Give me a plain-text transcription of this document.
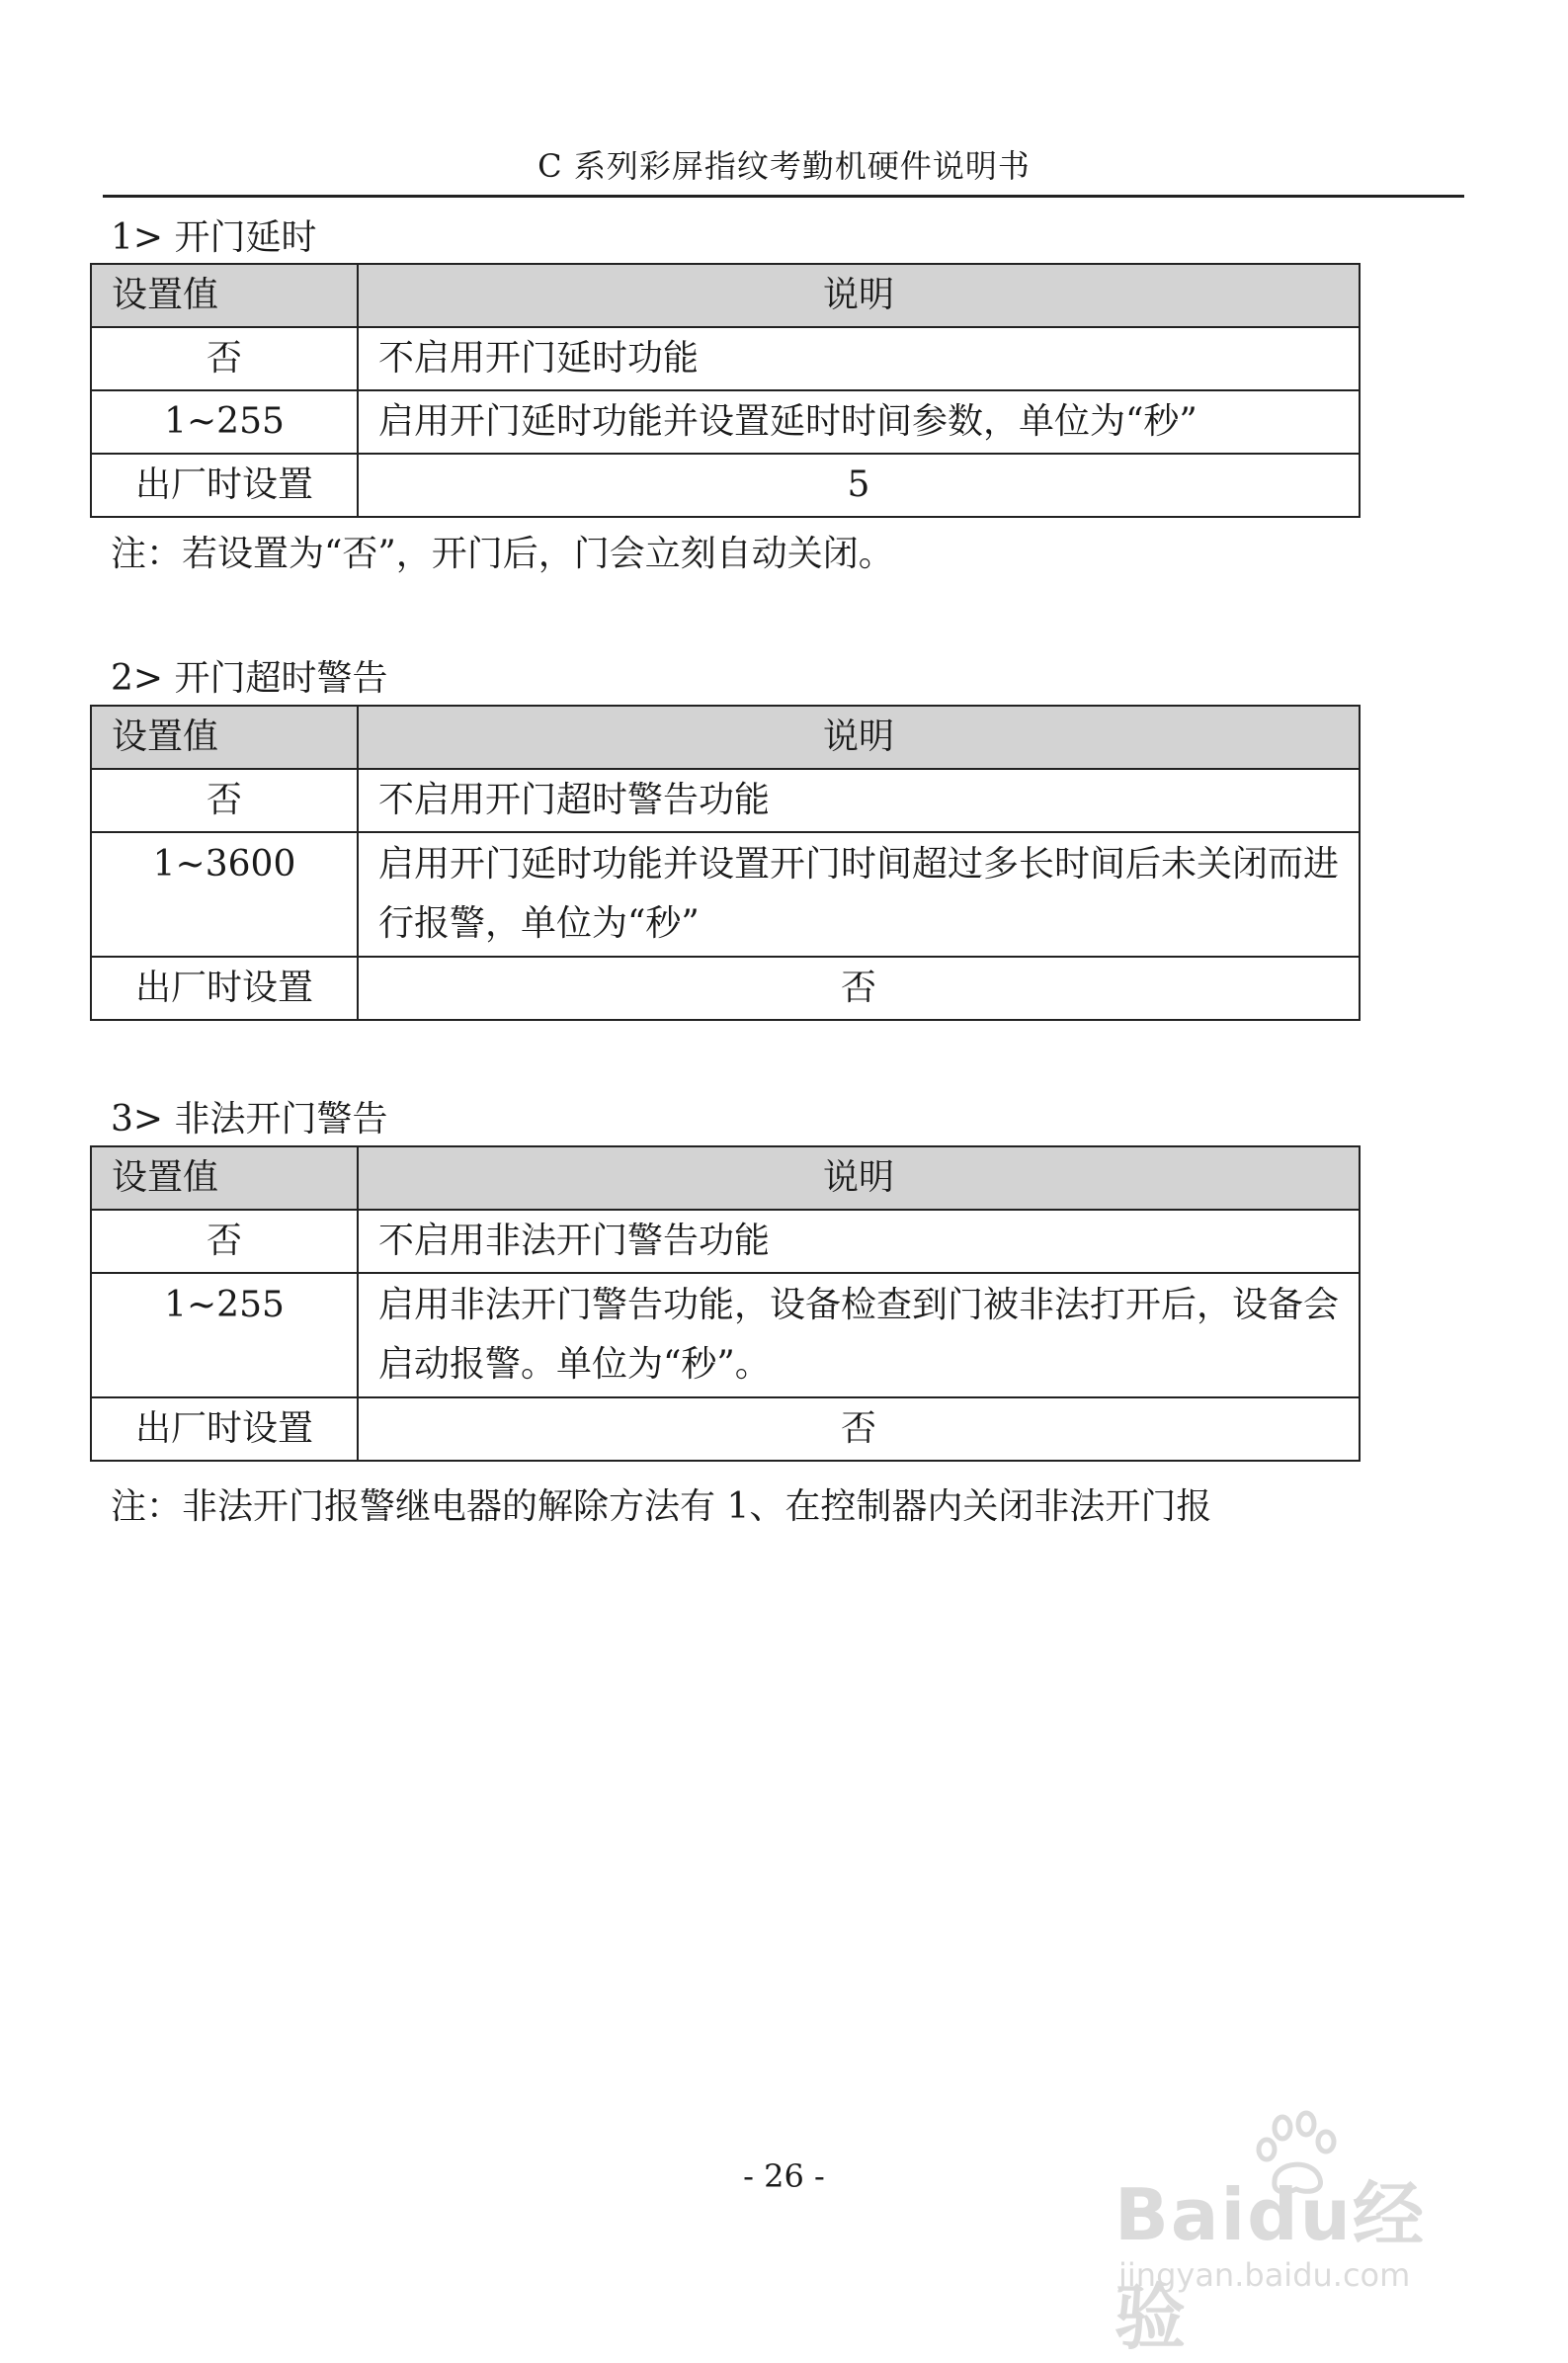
C 系列彩屏指纹考勤机硬件说明书
1> 开门延时
设置值	说明
否	不启用开门延时功能
1~255	启用开门延时功能并设置延时时间参数，单位为“秒”
出厂时设置	5
注：若设置为“否”，开门后，门会立刻自动关闭。
2> 开门超时警告
设置值	说明
否	不启用开门超时警告功能
1~3600	启用开门延时功能并设置开门时间超过多长时间后未关闭而进行报警，单位为“秒”
出厂时设置	否
3> 非法开门警告
设置值	说明
否	不启用非法开门警告功能
1~255	启用非法开门警告功能，设备检查到门被非法打开后，设备会启动报警。单位为“秒”。
出厂时设置	否
注：非法开门报警继电器的解除方法有 1、在控制器内关闭非法开门报
- 26 -	Baidu经验
jingyan.baidu.com
